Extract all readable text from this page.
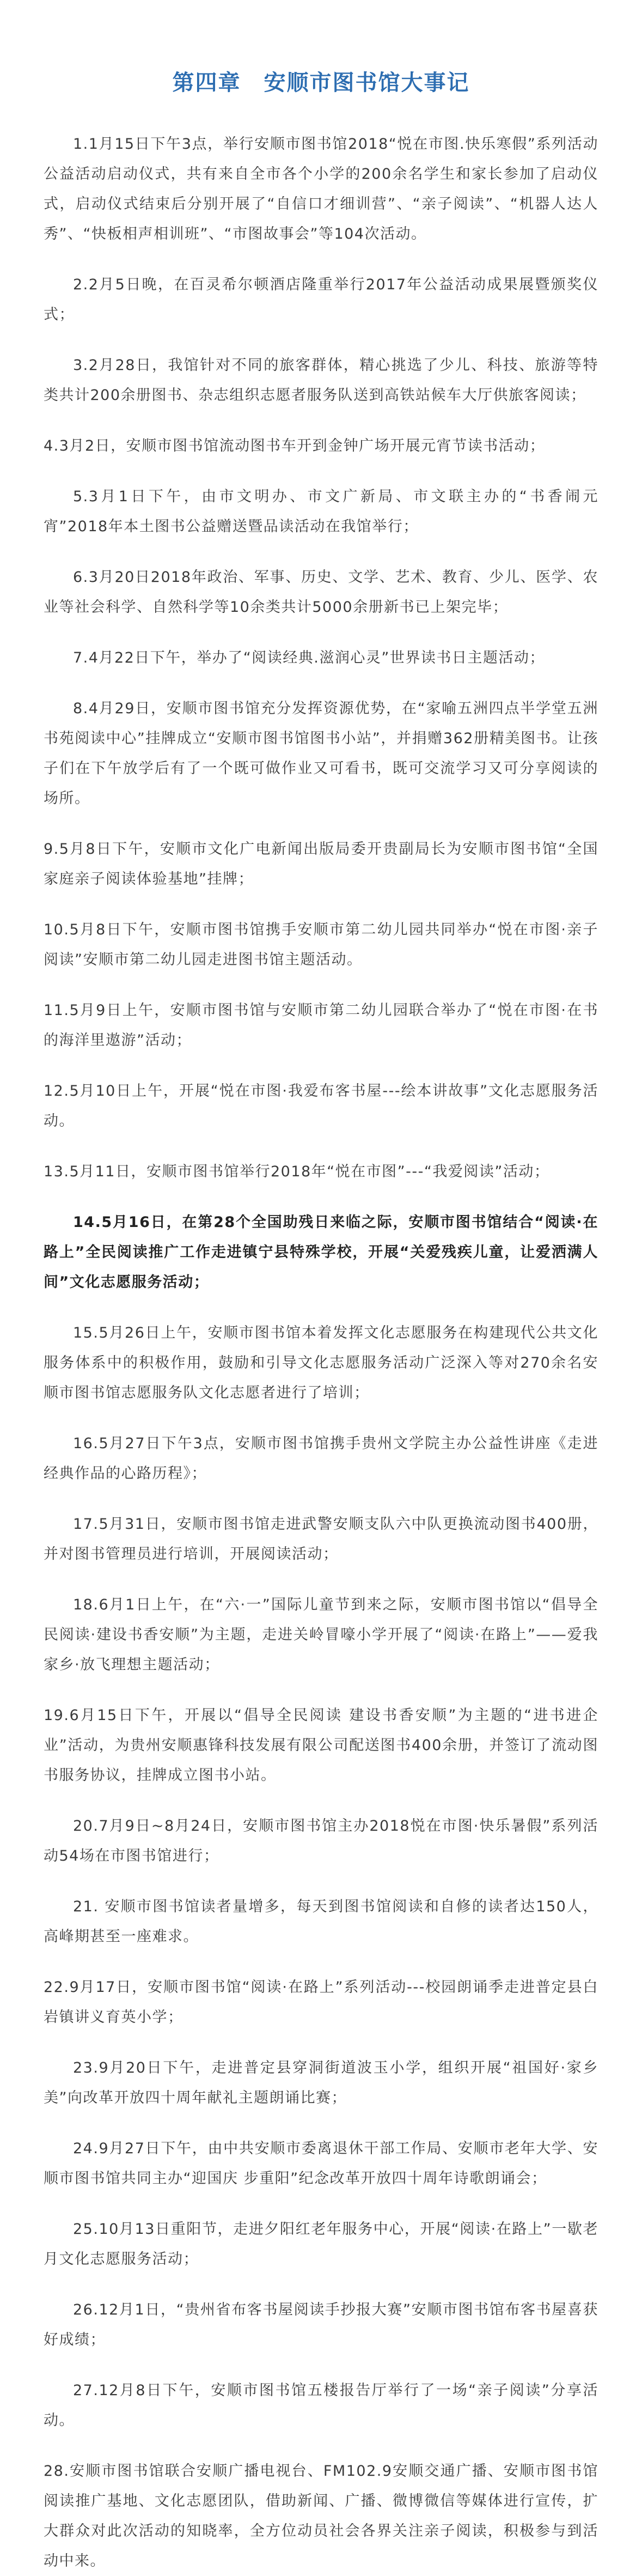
第四章　安顺市图书馆大事记

1.1月15日下午3点，举行安顺市图书馆2018“悦在市图.快乐寒假”系列活动公益活动启动仪式，共有来自全市各个小学的200余名学生和家长参加了启动仪式，启动仪式结束后分别开展了“自信口才细训营”、“亲子阅读”、“机器人达人秀”、“快板相声相训班”、“市图故事会”等104次活动。

2.2月5日晚，在百灵希尔顿酒店隆重举行2017年公益活动成果展暨颁奖仪式；

3.2月28日，我馆针对不同的旅客群体，精心挑选了少儿、科技、旅游等特类共计200余册图书、杂志组织志愿者服务队送到高铁站候车大厅供旅客阅读；

4.3月2日，安顺市图书馆流动图书车开到金钟广场开展元宵节读书活动；

5.3月1日下午，由市文明办、市文广新局、市文联主办的“书香闹元宵”2018年本土图书公益赠送暨品读活动在我馆举行；

6.3月20日2018年政治、军事、历史、文学、艺术、教育、少儿、医学、农业等社会科学、自然科学等10余类共计5000余册新书已上架完毕；

7.4月22日下午，举办了“阅读经典.滋润心灵”世界读书日主题活动；

8.4月29日，安顺市图书馆充分发挥资源优势，在“家喻五洲四点半学堂五洲书苑阅读中心”挂牌成立“安顺市图书馆图书小站”，并捐赠362册精美图书。让孩子们在下午放学后有了一个既可做作业又可看书，既可交流学习又可分享阅读的场所。

9.5月8日下午，安顺市文化广电新闻出版局委开贵副局长为安顺市图书馆“全国家庭亲子阅读体验基地”挂牌；

10.5月8日下午，安顺市图书馆携手安顺市第二幼儿园共同举办“悦在市图·亲子阅读”安顺市第二幼儿园走进图书馆主题活动。

11.5月9日上午，安顺市图书馆与安顺市第二幼儿园联合举办了“悦在市图·在书的海洋里遨游”活动；

12.5月10日上午，开展“悦在市图·我爱布客书屋---绘本讲故事”文化志愿服务活动。

13.5月11日，安顺市图书馆举行2018年“悦在市图”---“我爱阅读”活动；

14.5月16日，在第28个全国助残日来临之际，安顺市图书馆结合“阅读·在路上”全民阅读推广工作走进镇宁县特殊学校，开展“关爱残疾儿童，让爱洒满人间”文化志愿服务活动；

15.5月26日上午，安顺市图书馆本着发挥文化志愿服务在构建现代公共文化服务体系中的积极作用，鼓励和引导文化志愿服务活动广泛深入等对270余名安顺市图书馆志愿服务队文化志愿者进行了培训；

16.5月27日下午3点，安顺市图书馆携手贵州文学院主办公益性讲座《走进经典作品的心路历程》；

17.5月31日，安顺市图书馆走进武警安顺支队六中队更换流动图书400册，并对图书管理员进行培训，开展阅读活动；

18.6月1日上午，在“六·一”国际儿童节到来之际，安顺市图书馆以“倡导全民阅读·建设书香安顺”为主题，走进关岭冒嚎小学开展了“阅读·在路上”——爱我家乡·放飞理想主题活动；

19.6月15日下午，开展以“倡导全民阅读 建设书香安顺”为主题的“进书进企业”活动，为贵州安顺惠锋科技发展有限公司配送图书400余册，并签订了流动图书服务协议，挂牌成立图书小站。

20.7月9日~8月24日，安顺市图书馆主办2018悦在市图·快乐暑假”系列活动54场在市图书馆进行；

21. 安顺市图书馆读者量增多，每天到图书馆阅读和自修的读者达150人，高峰期甚至一座难求。

22.9月17日，安顺市图书馆“阅读·在路上”系列活动---校园朗诵季走进普定县白岩镇讲义育英小学；

23.9月20日下午，走进普定县穿洞街道波玉小学，组织开展“祖国好·家乡美”向改革开放四十周年献礼主题朗诵比赛；

24.9月27日下午，由中共安顺市委离退休干部工作局、安顺市老年大学、安顺市图书馆共同主办“迎国庆 步重阳”纪念改革开放四十周年诗歌朗诵会；

25.10月13日重阳节，走进夕阳红老年服务中心，开展“阅读·在路上”一歇老月文化志愿服务活动；

26.12月1日，“贵州省布客书屋阅读手抄报大赛”安顺市图书馆布客书屋喜获好成绩；

27.12月8日下午，安顺市图书馆五楼报告厅举行了一场“亲子阅读”分享活动。

28.安顺市图书馆联合安顺广播电视台、FM102.9安顺交通广播、安顺市图书馆阅读推广基地、文化志愿团队，借助新闻、广播、微博微信等媒体进行宣传，扩大群众对此次活动的知晓率，全方位动员社会各界关注亲子阅读，积极参与到活动中来。
